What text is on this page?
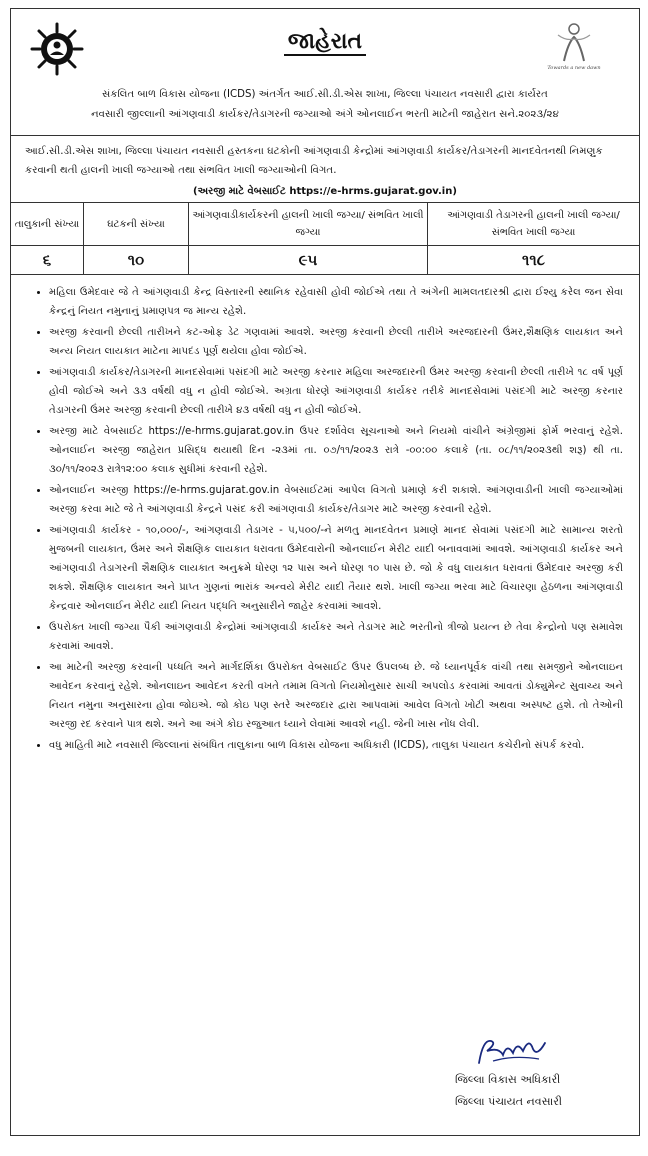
જાહેરાત
Towards a new dawn
સંકલિત બાળ વિકાસ યોજના (ICDS) અંતર્ગત આઈ.સી.ડી.એસ શાખા, જિલ્લા પંચાયત નવસારી દ્વારા કાર્યરત
નવસારી જીલ્લાની આંગણવાડી કાર્યકર/તેડાગરની જગ્યાઓ અંગે ઓનલાઈન ભરતી માટેની જાહેરાત સને.૨૦૨૩/૨૪
આઈ.સી.ડી.એસ શાખા, જિલ્લા પંચાયત નવસારી હસ્તકના ઘટકોની આંગણવાડી કેન્દ્રોમાં આંગણવાડી કાર્યકર/તેડાગરની માનદવેતનથી નિમણુક કરવાની થતી હાલની ખાલી જગ્યાઓ તથા સંભવિત ખાલી જગ્યાઓની વિગત.
(અરજી માટે વેબસાઈટ https://e-hrms.gujarat.gov.in)
તાલુકાની સંખ્યા	ઘટકની સંખ્યા	આંગણવાડીકાર્યકરની હાલની ખાલી જગ્યા/ સંભવિત ખાલી જગ્યા	આંગણવાડી તેડાગરની હાલની ખાલી જગ્યા/ સંભવિત ખાલી જગ્યા
૬	૧૦	૯૫	૧૧૮
• મહિલા ઉમેદવાર જે તે આંગણવાડી કેન્દ્ર વિસ્તારની સ્થાનિક રહેવાસી હોવી જોઈએ તથા તે અંગેની મામલતદારશ્રી દ્વારા ઈશ્યુ કરેલ જન સેવા કેન્દ્રનું નિયત નમુનાનું પ્રમાણપત્ર જ માન્ય રહેશે.
• અરજી કરવાની છેલ્લી તારીખને કટ-ઓફ ડેટ ગણવામાં આવશે. અરજી કરવાની છેલ્લી તારીખે અરજદારની ઉંમર,શૈક્ષણિક લાયકાત અને અન્ય નિયત લાયકાત માટેના માપદંડ પૂર્ણ થયેલા હોવા જોઈએ.
• આંગણવાડી કાર્યકર/તેડાગરની માનદસેવામાં પસંદગી માટે અરજી કરનાર મહિલા અરજદારની ઉંમર અરજી કરવાની છેલ્લી તારીખે ૧૮ વર્ષ પૂર્ણ હોવી જોઈએ અને ૩૩ વર્ષથી વધુ ન હોવી જોઈએ. અગ્રતા ધોરણે આંગણવાડી કાર્યકર તરીકે માનદસેવામાં પસંદગી માટે અરજી કરનાર તેડાગરની ઉંમર અરજી કરવાની છેલ્લી તારીખે ૪૩ વર્ષથી વધુ ન હોવી જોઈએ.
• અરજી માટે વેબસાઈટ https://e-hrms.gujarat.gov.in ઉપર દર્શાવેલ સૂચનાઓ અને નિયમો વાંચીને અંગ્રેજીમાં ફોર્મ ભરવાનું રહેશે. ઓનલાઈન અરજી જાહેરાત પ્રસિદ્ધ થયાથી દિન -૨૩માં તા. ૦૭/૧૧/૨૦૨૩ રાત્રે -૦૦:૦૦ કલાકે (તા. ૦૮/૧૧/૨૦૨૩થી શરૂ) થી તા. ૩૦/૧૧/૨૦૨૩ રાત્રે૧૨:૦૦ કલાક સુધીમાં કરવાની રહેશે.
• ઓનલાઈન અરજી https://e-hrms.gujarat.gov.in વેબસાઈટમાં આપેલ વિગતો પ્રમાણે કરી શકાશે. આંગણવાડીની ખાલી જગ્યાઓમાં અરજી કરવા માટે જે તે આંગણવાડી કેન્દ્રને પસંદ કરી આંગણવાડી કાર્યકર/તેડાગર માટે અરજી કરવાની રહેશે.
• આંગણવાડી કાર્યકર - ૧૦,૦૦૦/-, આંગણવાડી તેડાગર - ૫,૫૦૦/-ને મળતુ માનદવેતન પ્રમાણે માનદ સેવામાં પસંદગી માટે સામાન્ય શરતો મુજબની લાયકાત, ઉંમર અને શૈક્ષણિક લાયકાત ધરાવતા ઉમેદવારોની ઓનલાઈન મેરીટ યાદી બનાવવામાં આવશે. આંગણવાડી કાર્યકર અને આંગણવાડી તેડાગરની શૈક્ષણિક લાયકાત અનુક્રમે ધોરણ ૧૨ પાસ અને ધોરણ ૧૦ પાસ છે. જો કે વધુ લાયકાત ધરાવતાં ઉમેદવાર અરજી કરી શકશે. શૈક્ષણિક લાયકાત અને પ્રાપ્ત ગુણનાં ભારાંક અન્વયે મેરીટ યાદી તૈયાર થશે. ખાલી જગ્યા ભરવા માટે વિચારણા હેઠળના આંગણવાડી કેન્દ્રવાર ઓનલાઈન મેરીટ યાદી નિયત પદ્ધતિ અનુસારીને જાહેર કરવામાં આવશે.
• ઉપરોક્ત ખાલી જગ્યા પૈકી આંગણવાડી કેન્દ્રોમાં આંગણવાડી કાર્યકર અને તેડાગર માટે ભરતીનો ત્રીજો પ્રયત્ન છે તેવા કેન્દ્રોનો પણ સમાવેશ કરવામાં આવશે.
• આ માટેની અરજી કરવાની પધ્ધતિ અને માર્ગદર્શિકા ઉપરોક્ત વેબસાઈટ ઉપર ઉપલબ્ધ છે. જે ધ્યાનપૂર્વક વાંચી તથા સમજીને ઓનલાઇન આવેદન કરવાનું રહેશે. ઓનલાઇન આવેદન કરતી વખતે તમામ વિગતો નિયમોનુસાર સાચી અપલોડ કરવામાં આવતાં ડોક્યુમેન્ટ સુવાચ્ય અને નિયત નમુના અનુસારના હોવા જોઇએ. જો કોઇ પણ સ્તરે અરજદાર દ્વારા આપવામાં આવેલ વિગતો ખોટી અથવા અસ્પષ્ટ હશે. તો તેઓની અરજી રદ કરવાને પાત્ર થશે. અને આ અંગે કોઇ રજુઆત ધ્યાને લેવામાં આવશે નહી. જેની ખાસ નોંધ લેવી.
• વધુ માહિતી માટે નવસારી જિલ્લાનાં સંબંધિત તાલુકાના બાળ વિકાસ યોજના અધિકારી (ICDS), તાલુકા પંચાયત કચેરીનો સંપર્ક કરવો.
જિલ્લા વિકાસ અધિકારી
જિલ્લા પંચાયત નવસારી
